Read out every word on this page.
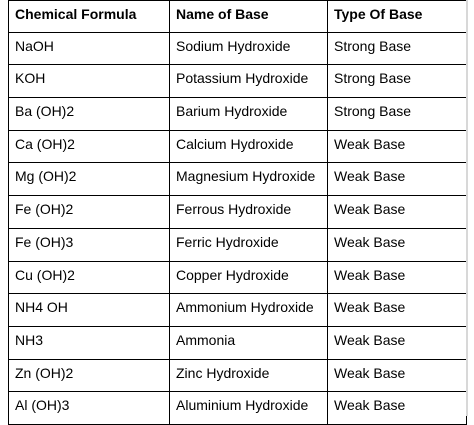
Chemical Formula	Name of Base	Type Of Base
NaOH	Sodium Hydroxide	Strong Base
KOH	Potassium Hydroxide	Strong Base
Ba (OH)2	Barium Hydroxide	Strong Base
Ca (OH)2	Calcium Hydroxide	Weak Base
Mg (OH)2	Magnesium Hydroxide	Weak Base
Fe (OH)2	Ferrous Hydroxide	Weak Base
Fe (OH)3	Ferric Hydroxide	Weak Base
Cu (OH)2	Copper Hydroxide	Weak Base
NH4 OH	Ammonium Hydroxide	Weak Base
NH3	Ammonia	Weak Base
Zn (OH)2	Zinc Hydroxide	Weak Base
Al (OH)3	Aluminium Hydroxide	Weak Base
